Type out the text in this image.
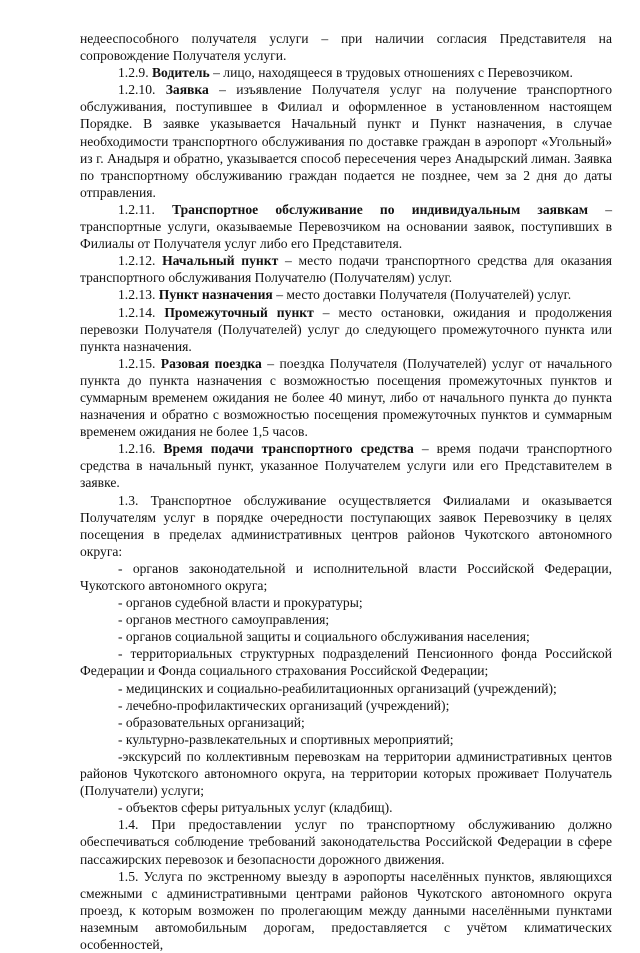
недееспособного получателя услуги – при наличии согласия Представителя на сопровождение Получателя услуги.

1.2.9. Водитель – лицо, находящееся в трудовых отношениях с Перевозчиком.

1.2.10. Заявка – изъявление Получателя услуг на получение транспортного обслуживания, поступившее в Филиал и оформленное в установленном настоящем Порядке. В заявке указывается Начальный пункт и Пункт назначения, в случае необходимости транспортного обслуживания по доставке граждан в аэропорт «Угольный» из г. Анадыря и обратно, указывается способ пересечения через Анадырский лиман. Заявка по транспортному обслуживанию граждан подается не позднее, чем за 2 дня до даты отправления.

1.2.11. Транспортное обслуживание по индивидуальным заявкам – транспортные услуги, оказываемые Перевозчиком на основании заявок, поступивших в Филиалы от Получателя услуг либо его Представителя.

1.2.12. Начальный пункт – место подачи транспортного средства для оказания транспортного обслуживания Получателю (Получателям) услуг.

1.2.13. Пункт назначения – место доставки Получателя (Получателей) услуг.

1.2.14. Промежуточный пункт – место остановки, ожидания и продолжения перевозки Получателя (Получателей) услуг до следующего промежуточного пункта или пункта назначения.

1.2.15. Разовая поездка – поездка Получателя (Получателей) услуг от начального пункта до пункта назначения с возможностью посещения промежуточных пунктов и суммарным временем ожидания не более 40 минут, либо от начального пункта до пункта назначения и обратно с возможностью посещения промежуточных пунктов и суммарным временем ожидания не более 1,5 часов.

1.2.16. Время подачи транспортного средства – время подачи транспортного средства в начальный пункт, указанное Получателем услуги или его Представителем в заявке.

1.3. Транспортное обслуживание осуществляется Филиалами и оказывается Получателям услуг в порядке очередности поступающих заявок Перевозчику в целях посещения в пределах административных центров районов Чукотского автономного округа:

- органов законодательной и исполнительной власти Российской Федерации, Чукотского автономного округа;

- органов судебной власти и прокуратуры;

- органов местного самоуправления;

- органов социальной защиты и социального обслуживания населения;

- территориальных структурных подразделений Пенсионного фонда Российской Федерации и Фонда социального страхования Российской Федерации;

- медицинских и социально-реабилитационных организаций (учреждений);

- лечебно-профилактических организаций (учреждений);

- образовательных организаций;

- культурно-развлекательных и спортивных мероприятий;

-экскурсий по коллективным перевозкам на территории административных центов районов Чукотского автономного округа, на территории которых проживает Получатель (Получатели) услуги;

- объектов сферы ритуальных услуг (кладбищ).

1.4. При предоставлении услуг по транспортному обслуживанию должно обеспечиваться соблюдение требований законодательства Российской Федерации в сфере пассажирских перевозок и безопасности дорожного движения.

1.5. Услуга по экстренному выезду в аэропорты населённых пунктов, являющихся смежными с административными центрами районов Чукотского автономного округа проезд, к которым возможен по пролегающим между данными населёнными пунктами наземным автомобильным дорогам, предоставляется с учётом климатических особенностей,
